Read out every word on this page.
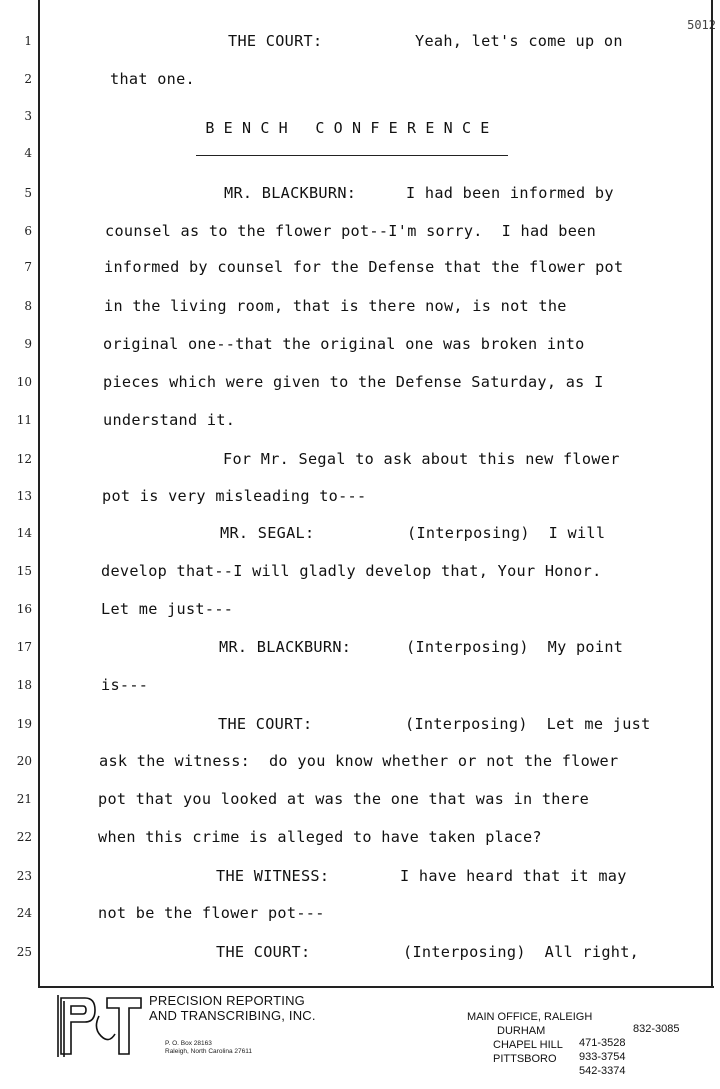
5012
1
2
3
4
5
6
7
8
9
10
11
12
13
14
15
16
17
18
19
20
21
22
23
24
25
BENCH CONFERENCE
THE COURT:	Yeah, let's come up on
that one.
MR. BLACKBURN:	I had been informed by
counsel as to the flower pot--I'm sorry.  I had been
informed by counsel for the Defense that the flower pot
in the living room, that is there now, is not the
original one--that the original one was broken into
pieces which were given to the Defense Saturday, as I
understand it.
For Mr. Segal to ask about this new flower
pot is very misleading to---
MR. SEGAL:	(Interposing)  I will
develop that--I will gladly develop that, Your Honor.
Let me just---
MR. BLACKBURN:	(Interposing)  My point
is---
THE COURT:	(Interposing)  Let me just
ask the witness:  do you know whether or not the flower
pot that you looked at was the one that was in there
when this crime is alleged to have taken place?
THE WITNESS:	I have heard that it may
not be the flower pot---
THE COURT:	(Interposing)  All right,
P&T
PRECISION REPORTING
AND TRANSCRIBING, INC.
P. O. Box 28163
Raleigh, North Carolina 27611

MAIN OFFICE, RALEIGH

832-3085

DURHAM

471-3528

CHAPEL HILL

933-3754

PITTSBORO

542-3374
